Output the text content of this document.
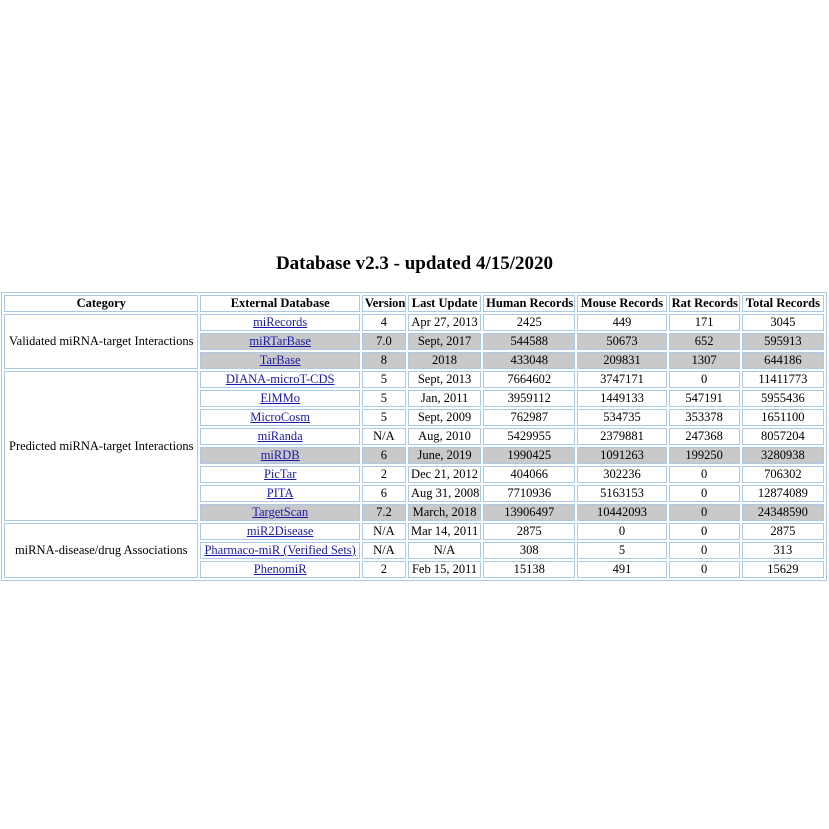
Database v2.3 - updated 4/15/2020
Category	External Database	Version	Last Update	Human Records	Mouse Records	Rat Records	Total Records
Validated miRNA-target Interactions	miRecords	4	Apr 27, 2013	2425	449	171	3045
	miRTarBase	7.0	Sept, 2017	544588	50673	652	595913
	TarBase	8	2018	433048	209831	1307	644186
Predicted miRNA-target Interactions	DIANA-microT-CDS	5	Sept, 2013	7664602	3747171	0	11411773
	ElMMo	5	Jan, 2011	3959112	1449133	547191	5955436
	MicroCosm	5	Sept, 2009	762987	534735	353378	1651100
	miRanda	N/A	Aug, 2010	5429955	2379881	247368	8057204
	miRDB	6	June, 2019	1990425	1091263	199250	3280938
	PicTar	2	Dec 21, 2012	404066	302236	0	706302
	PITA	6	Aug 31, 2008	7710936	5163153	0	12874089
	TargetScan	7.2	March, 2018	13906497	10442093	0	24348590
miRNA-disease/drug Associations	miR2Disease	N/A	Mar 14, 2011	2875	0	0	2875
	Pharmaco-miR (Verified Sets)	N/A	N/A	308	5	0	313
	PhenomiR	2	Feb 15, 2011	15138	491	0	15629
